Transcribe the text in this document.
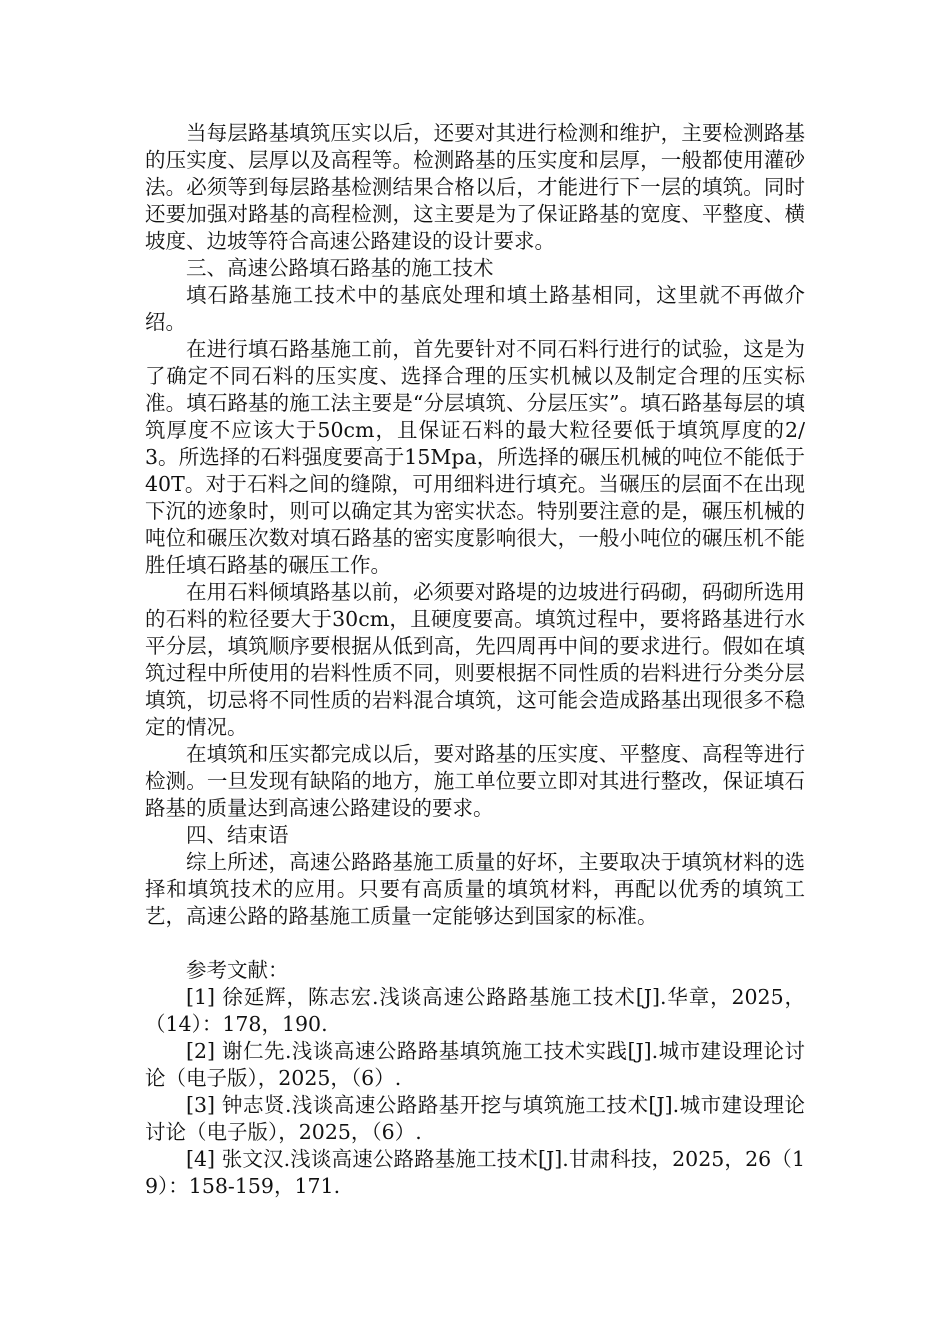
当每层路基填筑压实以后，还要对其进行检测和维护，主要检测路基的压实度、层厚以及高程等。检测路基的压实度和层厚，一般都使用灌砂法。必须等到每层路基检测结果合格以后，才能进行下一层的填筑。同时还要加强对路基的高程检测，这主要是为了保证路基的宽度、平整度、横坡度、边坡等符合高速公路建设的设计要求。

三、高速公路填石路基的施工技术

填石路基施工技术中的基底处理和填土路基相同，这里就不再做介绍。

在进行填石路基施工前，首先要针对不同石料行进行的试验，这是为了确定不同石料的压实度、选择合理的压实机械以及制定合理的压实标准。填石路基的施工法主要是“分层填筑、分层压实”。填石路基每层的填筑厚度不应该大于50cm，且保证石料的最大粒径要低于填筑厚度的2/3。所选择的石料强度要高于15Mpa，所选择的碾压机械的吨位不能低于40T。对于石料之间的缝隙，可用细料进行填充。当碾压的层面不在出现下沉的迹象时，则可以确定其为密实状态。特别要注意的是，碾压机械的吨位和碾压次数对填石路基的密实度影响很大，一般小吨位的碾压机不能胜任填石路基的碾压工作。

在用石料倾填路基以前，必须要对路堤的边坡进行码砌，码砌所选用的石料的粒径要大于30cm，且硬度要高。填筑过程中，要将路基进行水平分层，填筑顺序要根据从低到高，先四周再中间的要求进行。假如在填筑过程中所使用的岩料性质不同，则要根据不同性质的岩料进行分类分层填筑，切忌将不同性质的岩料混合填筑，这可能会造成路基出现很多不稳定的情况。

在填筑和压实都完成以后，要对路基的压实度、平整度、高程等进行检测。一旦发现有缺陷的地方，施工单位要立即对其进行整改，保证填石路基的质量达到高速公路建设的要求。

四、结束语

综上所述，高速公路路基施工质量的好坏，主要取决于填筑材料的选择和填筑技术的应用。只要有高质量的填筑材料，再配以优秀的填筑工艺，高速公路的路基施工质量一定能够达到国家的标准。

参考文献：

[1] 徐延辉，陈志宏.浅谈高速公路路基施工技术[J].华章，2025，（14）：178，190.

[2] 谢仁先.浅谈高速公路路基填筑施工技术实践[J].城市建设理论讨论（电子版），2025，（6）.

[3] 钟志贤.浅谈高速公路路基开挖与填筑施工技术[J].城市建设理论讨论（电子版），2025，（6）.

[4] 张文汉.浅谈高速公路路基施工技术[J].甘肃科技，2025，26（19）：158-159，171.
